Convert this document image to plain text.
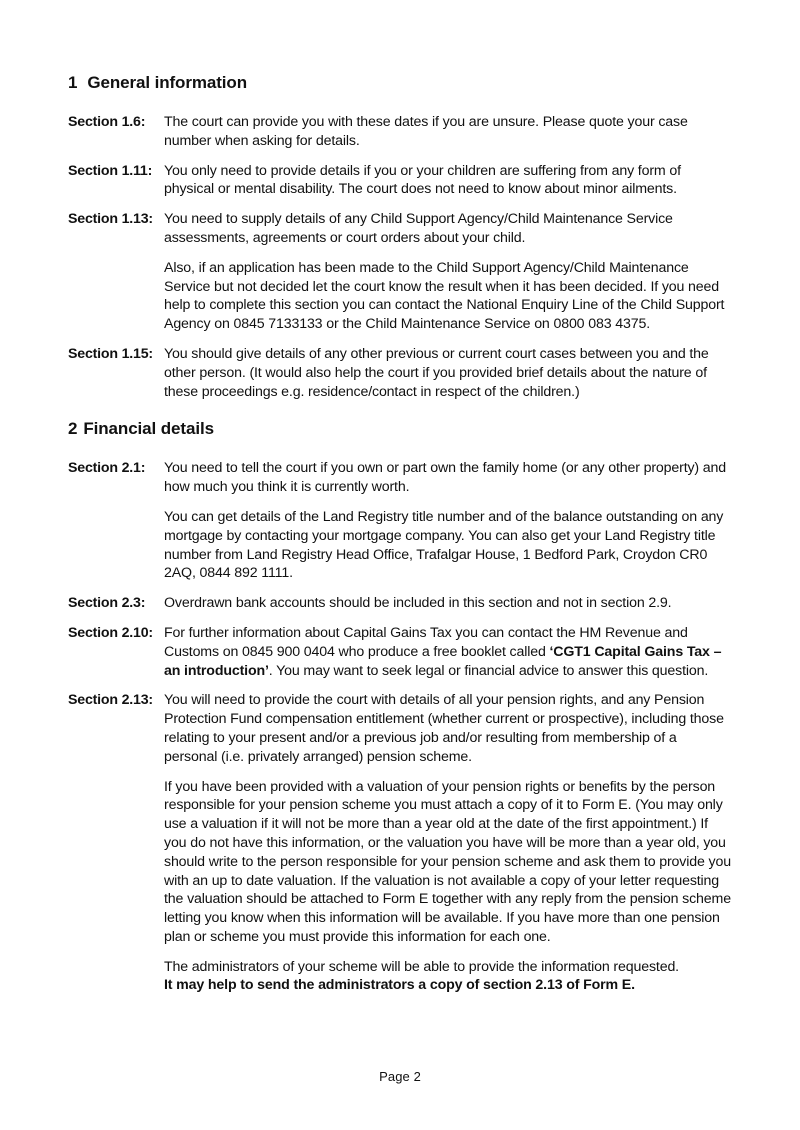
1 General information
Section 1.6:	The court can provide you with these dates if you are unsure. Please quote your case number when asking for details.

Section 1.11: You only need to provide details if you or your children are suffering from any form of physical or mental disability. The court does not need to know about minor ailments.

Section 1.13: You need to supply details of any Child Support Agency/Child Maintenance Service assessments, agreements or court orders about your child.

Also, if an application has been made to the Child Support Agency/Child Maintenance Service but not decided let the court know the result when it has been decided. If you need help to complete this section you can contact the National Enquiry Line of the Child Support Agency on 0845 7133133 or the Child Maintenance Service on 0800 083 4375.

Section 1.15: You should give details of any other previous or current court cases between you and the other person. (It would also help the court if you provided brief details about the nature of these proceedings e.g. residence/contact in respect of the children.)

2 Financial details
Section 2.1:	You need to tell the court if you own or part own the family home (or any other property) and how much you think it is currently worth.

You can get details of the Land Registry title number and of the balance outstanding on any mortgage by contacting your mortgage company. You can also get your Land Registry title number from Land Registry Head Office, Trafalgar House, 1 Bedford Park, Croydon CR0 2AQ, 0844 892 1111.

Section 2.3:	Overdrawn bank accounts should be included in this section and not in section 2.9.

Section 2.10: For further information about Capital Gains Tax you can contact the HM Revenue and Customs on 0845 900 0404 who produce a free booklet called ‘CGT1 Capital Gains Tax – an introduction’. You may want to seek legal or financial advice to answer this question.

Section 2.13: You will need to provide the court with details of all your pension rights, and any Pension Protection Fund compensation entitlement (whether current or prospective), including those relating to your present and/or a previous job and/or resulting from membership of a personal (i.e. privately arranged) pension scheme.

If you have been provided with a valuation of your pension rights or benefits by the person responsible for your pension scheme you must attach a copy of it to Form E. (You may only use a valuation if it will not be more than a year old at the date of the first appointment.) If you do not have this information, or the valuation you have will be more than a year old, you should write to the person responsible for your pension scheme and ask them to provide you with an up to date valuation. If the valuation is not available a copy of your letter requesting the valuation should be attached to Form E together with any reply from the pension scheme letting you know when this information will be available. If you have more than one pension plan or scheme you must provide this information for each one.

The administrators of your scheme will be able to provide the information requested.
It may help to send the administrators a copy of section 2.13 of Form E.

Page 2
